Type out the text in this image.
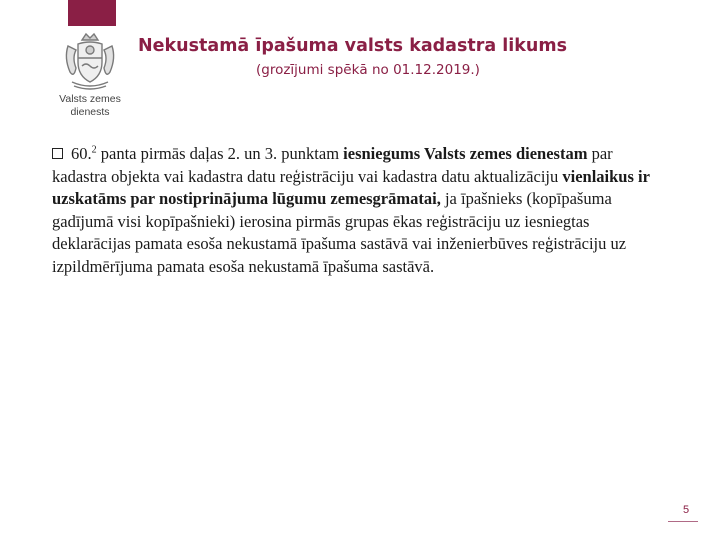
Valsts zemes
dienests
Nekustamā īpašuma valsts kadastra likums
(grozījumi spēkā no 01.12.2019.)
60.$^2$ panta pirmās daļas 2. un 3. punktam iesniegums Valsts zemes dienestam par kadastra objekta vai kadastra datu reģistrāciju vai kadastra datu aktualizāciju vienlaikus ir uzskatāms par nostiprinājuma lūgumu zemesgrāmatai, ja īpašnieks (kopīpašuma gadījumā visi kopīpašnieki) ierosina pirmās grupas ēkas reģistrāciju uz iesniegtas deklarācijas pamata esoša nekustamā īpašuma sastāvā vai inženierbūves reģistrāciju uz izpildmērījuma pamata esoša nekustamā īpašuma sastāvā.
5
